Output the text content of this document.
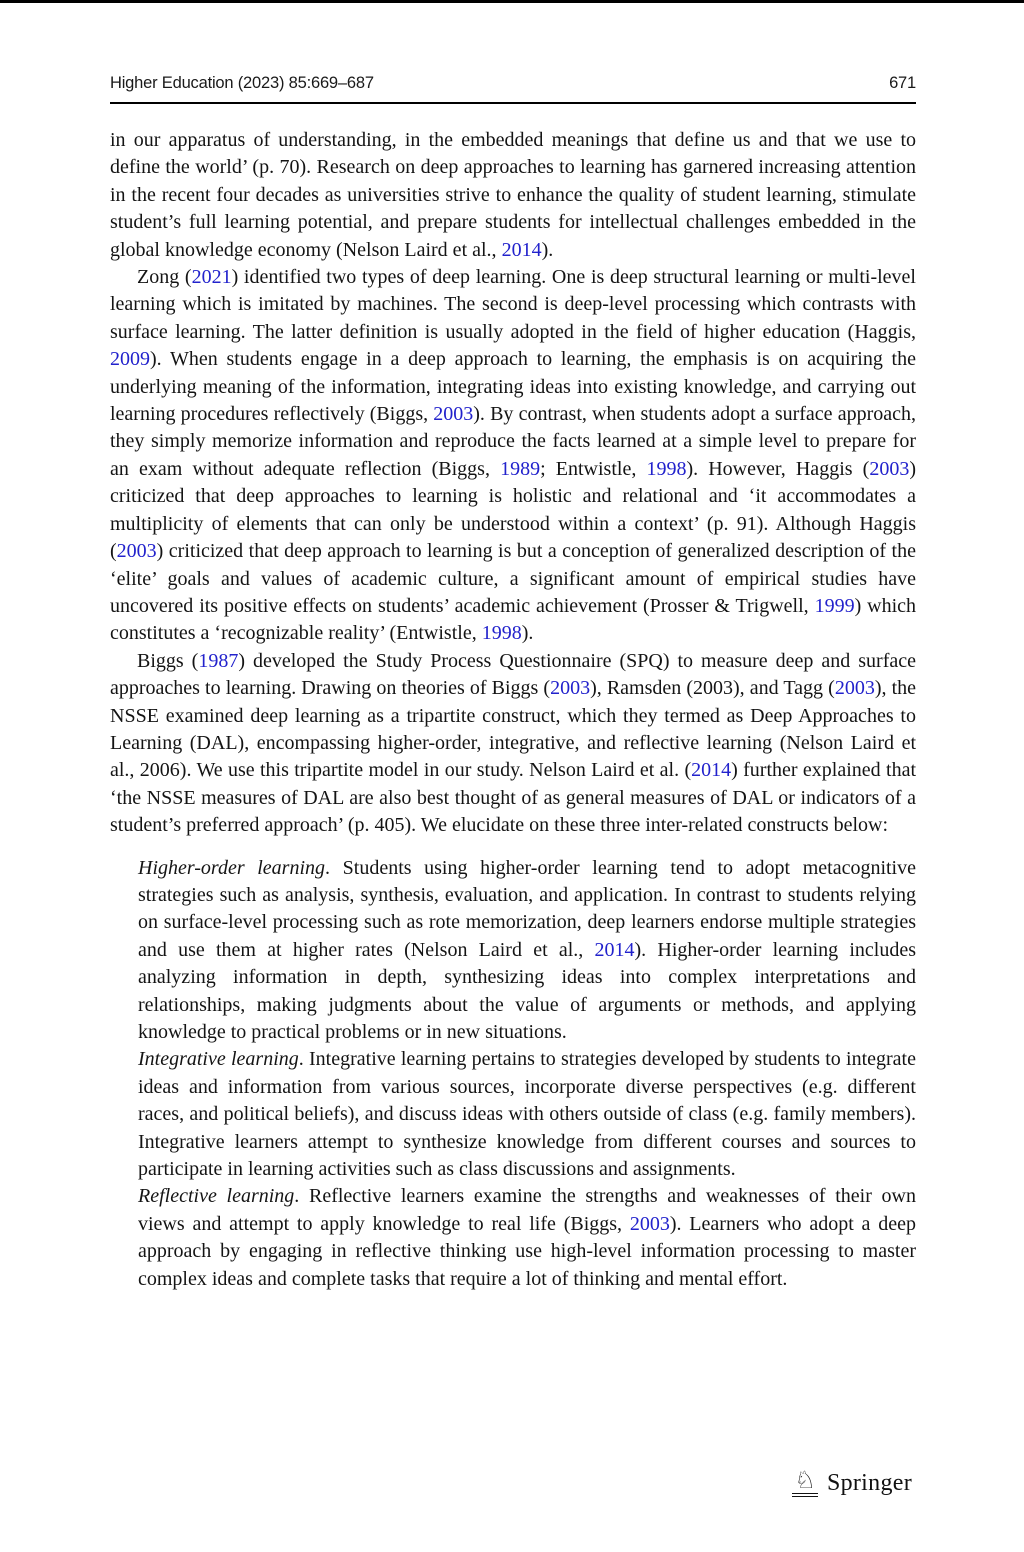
Higher Education (2023) 85:669–687	671

in our apparatus of understanding, in the embedded meanings that define us and that we use to define the world’ (p. 70). Research on deep approaches to learning has garnered increasing attention in the recent four decades as universities strive to enhance the quality of student learning, stimulate student’s full learning potential, and prepare students for intellectual challenges embedded in the global knowledge economy (Nelson Laird et al., 2014).

Zong (2021) identified two types of deep learning. One is deep structural learning or multi-level learning which is imitated by machines. The second is deep-level processing which contrasts with surface learning. The latter definition is usually adopted in the field of higher education (Haggis, 2009). When students engage in a deep approach to learning, the emphasis is on acquiring the underlying meaning of the information, integrating ideas into existing knowledge, and carrying out learning procedures reflectively (Biggs, 2003). By contrast, when students adopt a surface approach, they simply memorize information and reproduce the facts learned at a simple level to prepare for an exam without adequate reflection (Biggs, 1989; Entwistle, 1998). However, Haggis (2003) criticized that deep approaches to learning is holistic and relational and ‘it accommodates a multiplicity of elements that can only be understood within a context’ (p. 91). Although Haggis (2003) criticized that deep approach to learning is but a conception of generalized description of the ‘elite’ goals and values of academic culture, a significant amount of empirical studies have uncovered its positive effects on students’ academic achievement (Prosser & Trigwell, 1999) which constitutes a ‘recognizable reality’ (Entwistle, 1998).

Biggs (1987) developed the Study Process Questionnaire (SPQ) to measure deep and surface approaches to learning. Drawing on theories of Biggs (2003), Ramsden (2003), and Tagg (2003), the NSSE examined deep learning as a tripartite construct, which they termed as Deep Approaches to Learning (DAL), encompassing higher-order, integrative, and reflective learning (Nelson Laird et al., 2006). We use this tripartite model in our study. Nelson Laird et al. (2014) further explained that ‘the NSSE measures of DAL are also best thought of as general measures of DAL or indicators of a student’s preferred approach’ (p. 405). We elucidate on these three inter-related constructs below:

Higher-order learning. Students using higher-order learning tend to adopt metacognitive strategies such as analysis, synthesis, evaluation, and application. In contrast to students relying on surface-level processing such as rote memorization, deep learners endorse multiple strategies and use them at higher rates (Nelson Laird et al., 2014). Higher-order learning includes analyzing information in depth, synthesizing ideas into complex interpretations and relationships, making judgments about the value of arguments or methods, and applying knowledge to practical problems or in new situations.

Integrative learning. Integrative learning pertains to strategies developed by students to integrate ideas and information from various sources, incorporate diverse perspectives (e.g. different races, and political beliefs), and discuss ideas with others outside of class (e.g. family members). Integrative learners attempt to synthesize knowledge from different courses and sources to participate in learning activities such as class discussions and assignments.

Reflective learning. Reflective learners examine the strengths and weaknesses of their own views and attempt to apply knowledge to real life (Biggs, 2003). Learners who adopt a deep approach by engaging in reflective thinking use high-level information processing to master complex ideas and complete tasks that require a lot of thinking and mental effort.

♘ Springer
